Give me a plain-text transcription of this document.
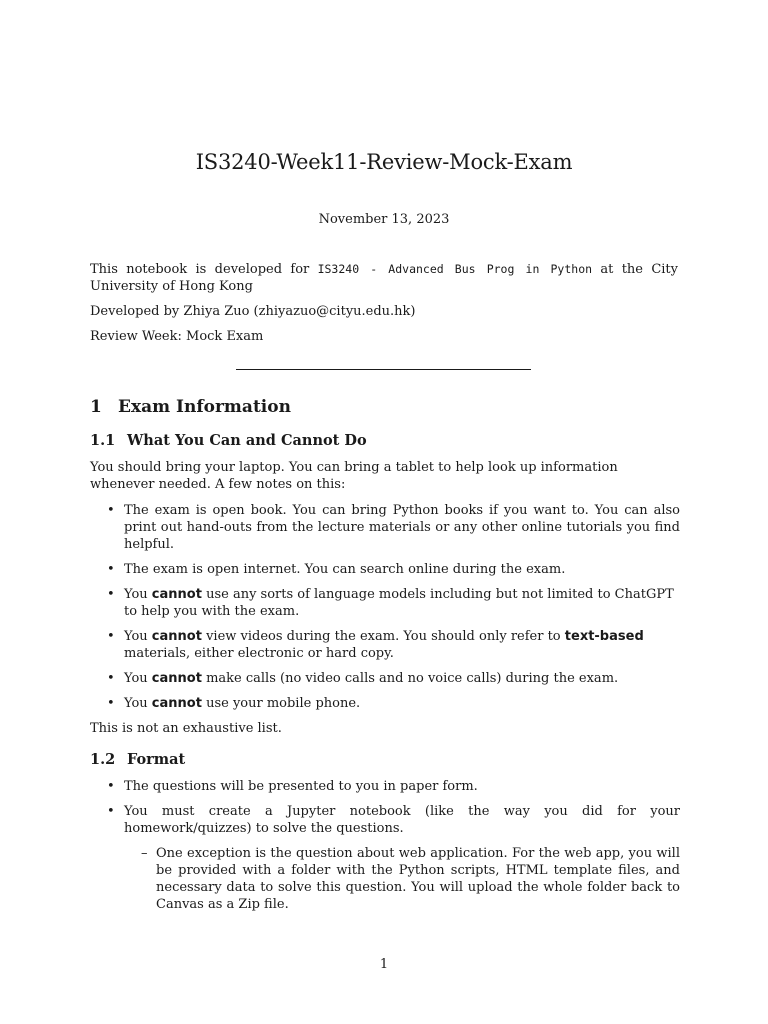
IS3240-Week11-Review-Mock-Exam
November 13, 2023

This notebook is developed for IS3240 - Advanced Bus Prog in Python at the City University of Hong Kong

Developed by Zhiya Zuo (zhiyazuo@cityu.edu.hk)

Review Week: Mock Exam

1 Exam Information
1.1 What You Can and Cannot Do

You should bring your laptop. You can bring a tablet to help look up information whenever needed. A few notes on this:

• The exam is open book. You can bring Python books if you want to. You can also print out hand-outs from the lecture materials or any other online tutorials you find helpful.
• The exam is open internet. You can search online during the exam.
• You cannot use any sorts of language models including but not limited to ChatGPT to help you with the exam.
• You cannot view videos during the exam. You should only refer to text-based materials, either electronic or hard copy.
• You cannot make calls (no video calls and no voice calls) during the exam.
• You cannot use your mobile phone.

This is not an exhaustive list.

1.2 Format
• The questions will be presented to you in paper form.
• You must create a Jupyter notebook (like the way you did for your homework/quizzes) to solve the questions.
– One exception is the question about web application. For the web app, you will be provided with a folder with the Python scripts, HTML template files, and necessary data to solve this question. You will upload the whole folder back to Canvas as a Zip file.
1
